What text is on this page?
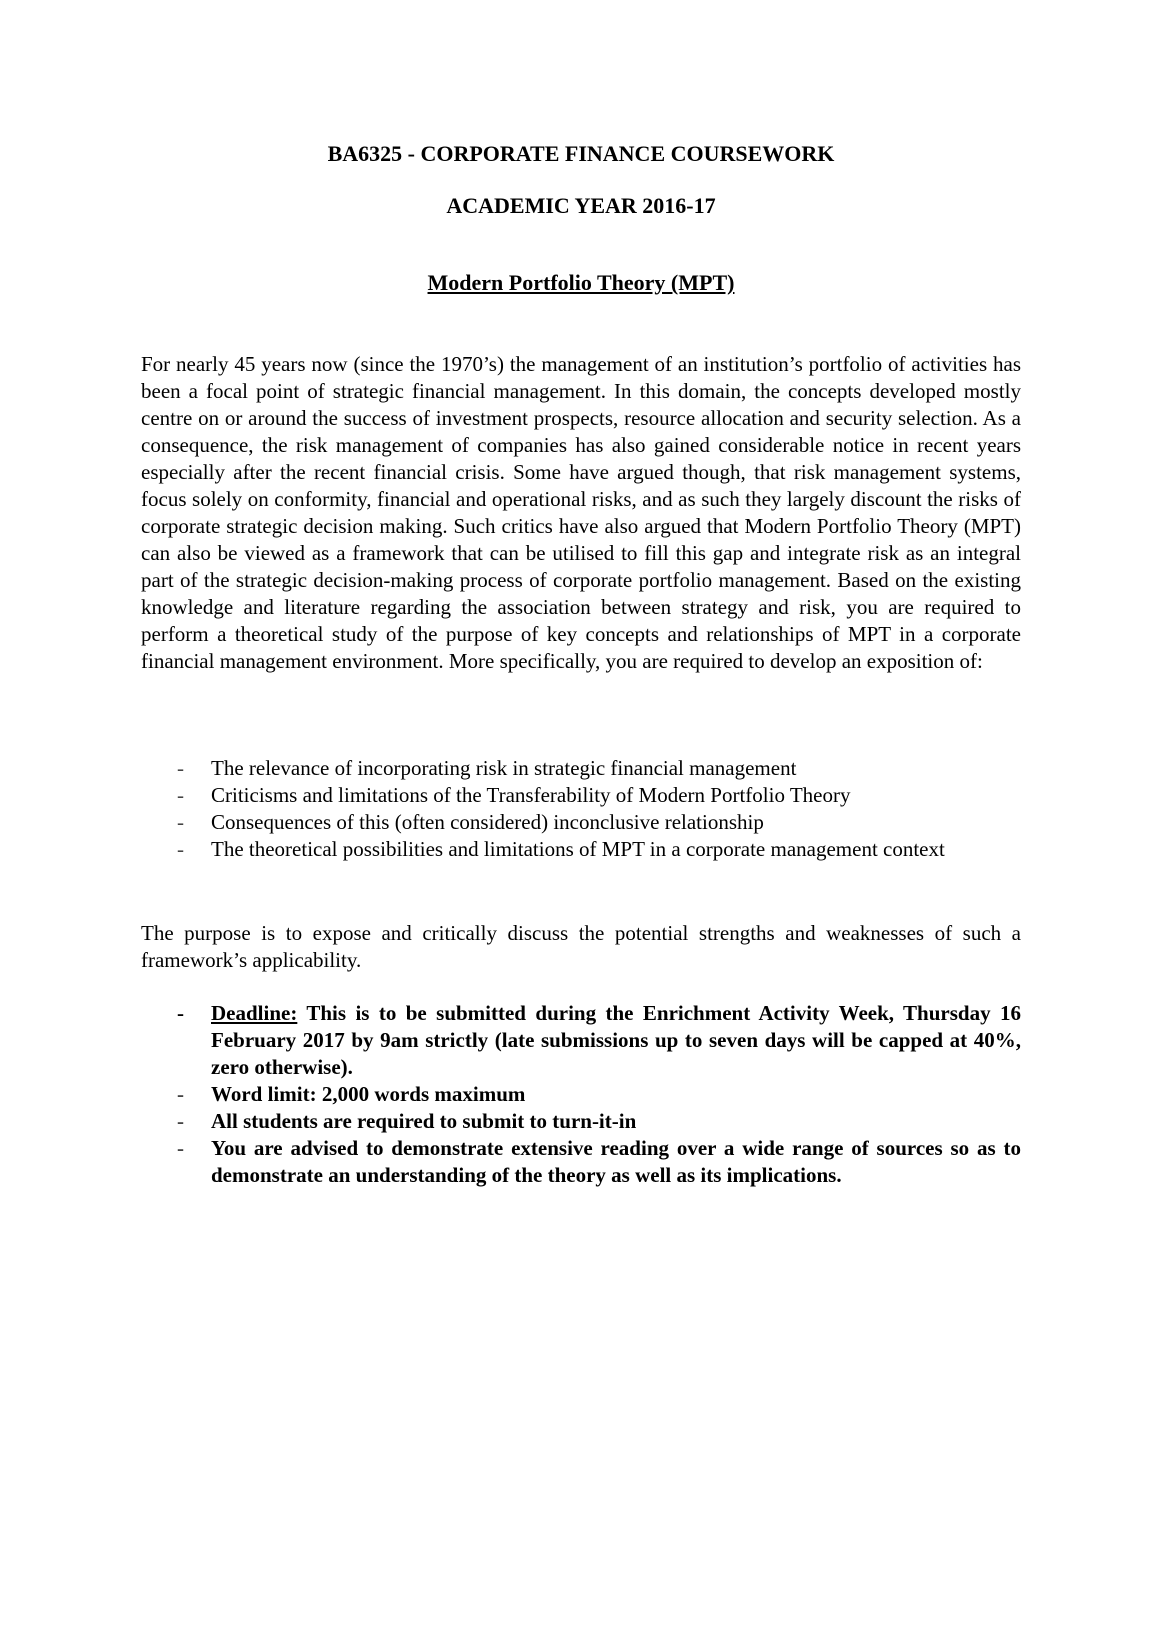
BA6325 - CORPORATE FINANCE COURSEWORK
ACADEMIC YEAR 2016-17
Modern Portfolio Theory (MPT)

For nearly 45 years now (since the 1970’s) the management of an institution’s portfolio of activities has been a focal point of strategic financial management. In this domain, the concepts developed mostly centre on or around the success of investment prospects, resource allocation and security selection. As a consequence, the risk management of companies has also gained considerable notice in recent years especially after the recent financial crisis. Some have argued though, that risk management systems, focus solely on conformity, financial and operational risks, and as such they largely discount the risks of corporate strategic decision making. Such critics have also argued that Modern Portfolio Theory (MPT) can also be viewed as a framework that can be utilised to fill this gap and integrate risk as an integral part of the strategic decision-making process of corporate portfolio management. Based on the existing knowledge and literature regarding the association between strategy and risk, you are required to perform a theoretical study of the purpose of key concepts and relationships of MPT in a corporate financial management environment. More specifically, you are required to develop an exposition of:

- The relevance of incorporating risk in strategic financial management
- Criticisms and limitations of the Transferability of Modern Portfolio Theory
- Consequences of this (often considered) inconclusive relationship
- The theoretical possibilities and limitations of MPT in a corporate management context

The purpose is to expose and critically discuss the potential strengths and weaknesses of such a framework’s applicability.

- Deadline: This is to be submitted during the Enrichment Activity Week, Thursday 16 February 2017 by 9am strictly (late submissions up to seven days will be capped at 40%, zero otherwise).
- Word limit: 2,000 words maximum
- All students are required to submit to turn-it-in
- You are advised to demonstrate extensive reading over a wide range of sources so as to demonstrate an understanding of the theory as well as its implications.
